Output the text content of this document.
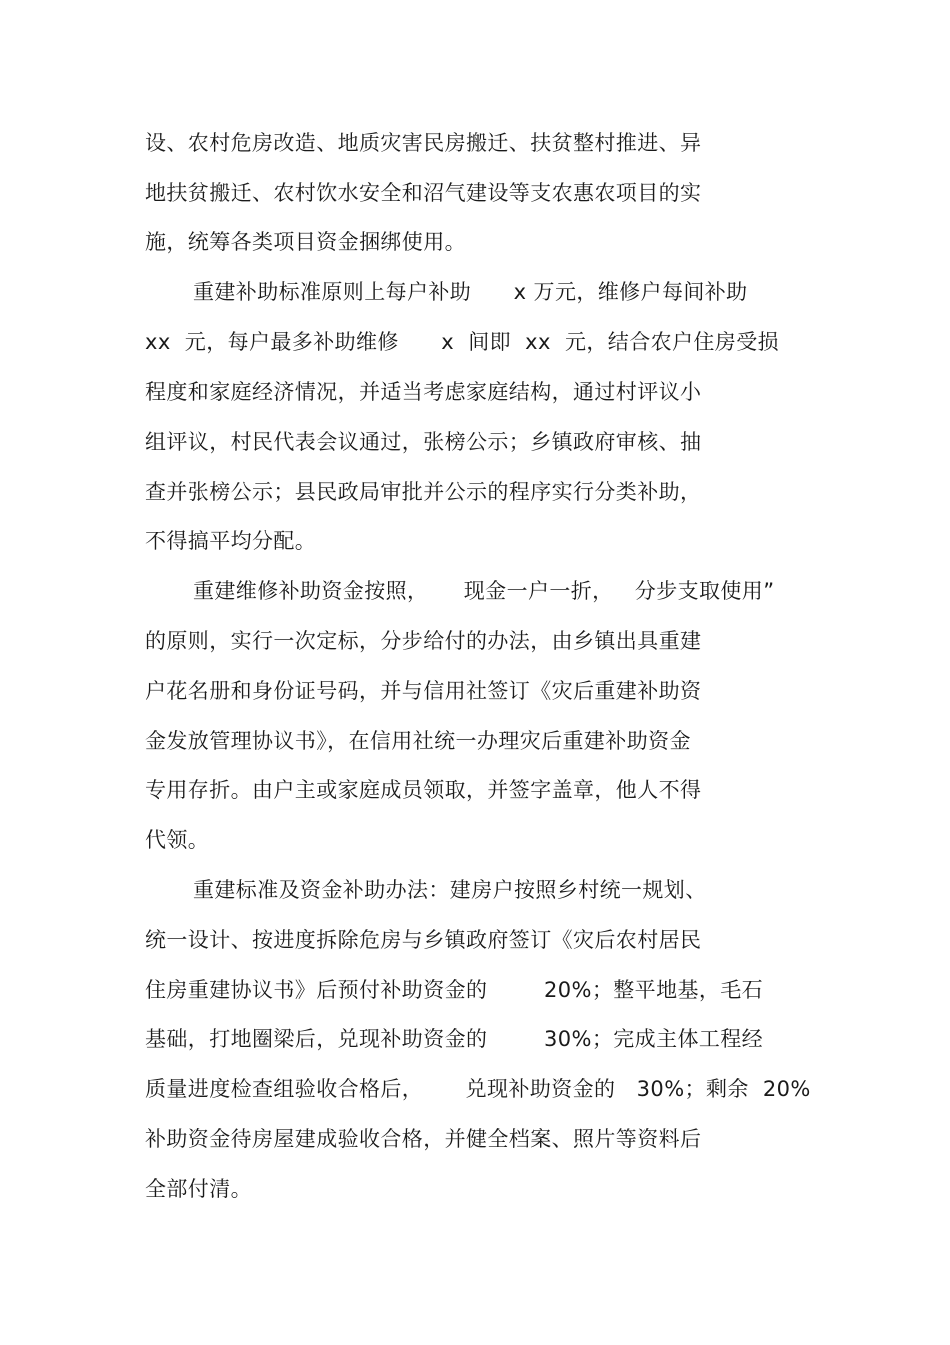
设、农村危房改造、地质灾害民房搬迁、扶贫整村推进、异
地扶贫搬迁、农村饮水安全和沼气建设等支农惠农项目的实
施，统筹各类项目资金捆绑使用。
重建补助标准原则上每户补助      x 万元，维修户每间补助
xx  元，每户最多补助维修      x  间即  xx  元，结合农户住房受损
程度和家庭经济情况，并适当考虑家庭结构，通过村评议小
组评议，村民代表会议通过，张榜公示；乡镇政府审核、抽
查并张榜公示；县民政局审批并公示的程序实行分类补助，
不得搞平均分配。
重建维修补助资金按照，     现金一户一折，   分步支取使用”
的原则，实行一次定标，分步给付的办法，由乡镇出具重建
户花名册和身份证号码，并与信用社签订《灾后重建补助资
金发放管理协议书》，在信用社统一办理灾后重建补助资金
专用存折。由户主或家庭成员领取，并签字盖章，他人不得
代领。
重建标准及资金补助办法：建房户按照乡村统一规划、
统一设计、按进度拆除危房与乡镇政府签订《灾后农村居民
住房重建协议书》后预付补助资金的        20%；整平地基，毛石
基础，打地圈梁后，兑现补助资金的        30%；完成主体工程经
质量进度检查组验收合格后，      兑现补助资金的   30%；剩余  20%
补助资金待房屋建成验收合格，并健全档案、照片等资料后
全部付清。
